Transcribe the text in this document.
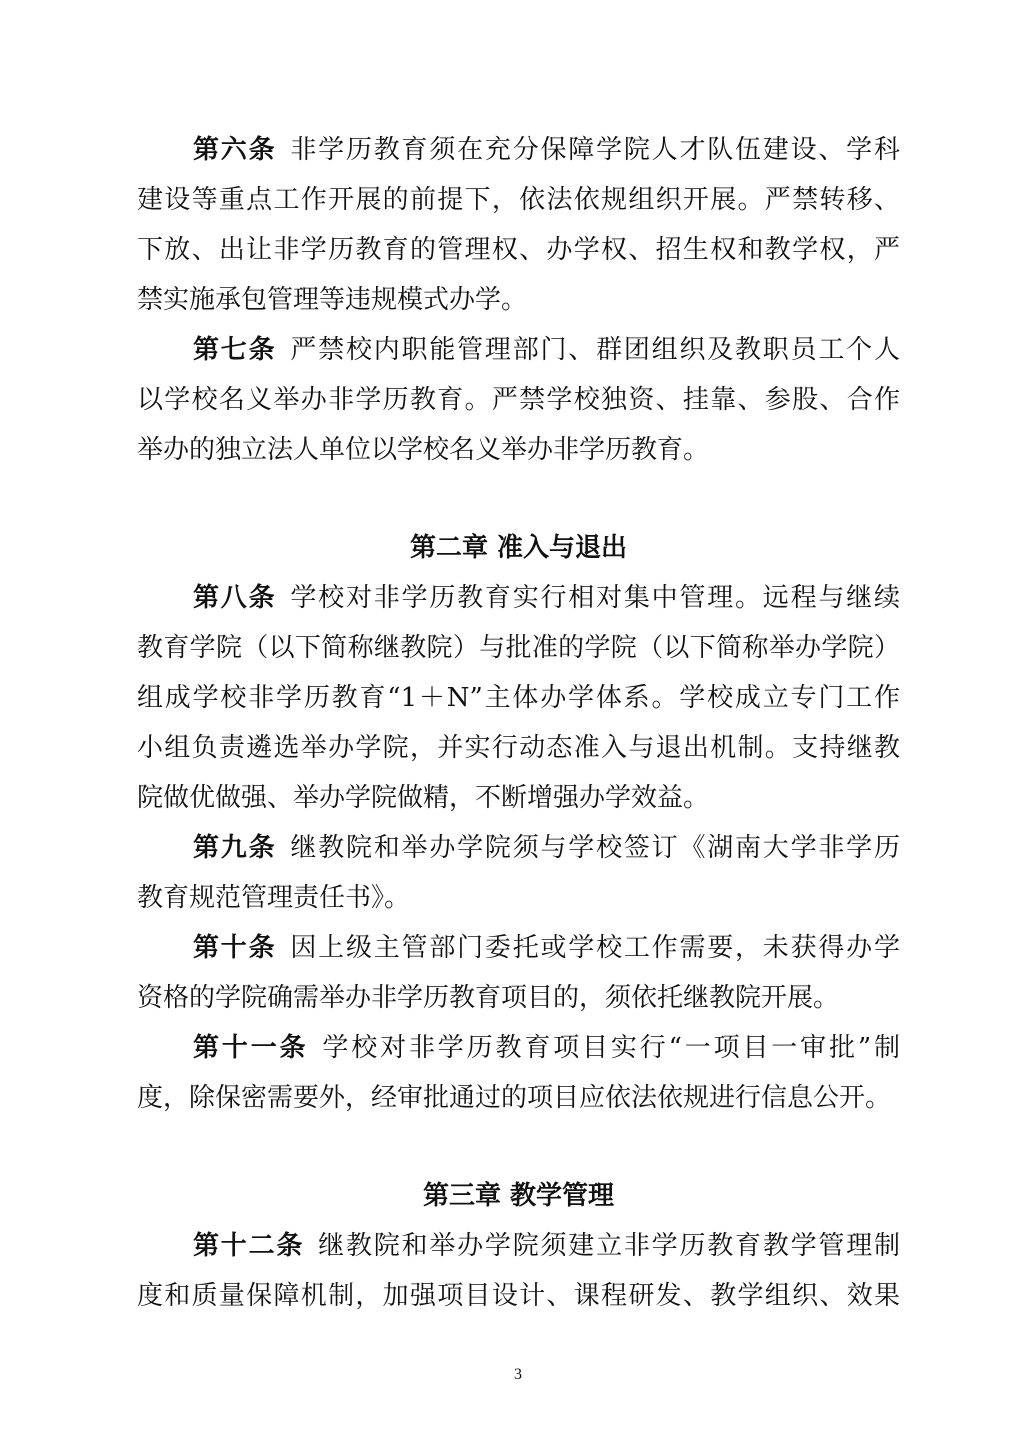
第六条 非学历教育须在充分保障学院人才队伍建设、学科
建设等重点工作开展的前提下，依法依规组织开展。严禁转移、
下放、出让非学历教育的管理权、办学权、招生权和教学权，严
禁实施承包管理等违规模式办学。
第七条 严禁校内职能管理部门、群团组织及教职员工个人
以学校名义举办非学历教育。严禁学校独资、挂靠、参股、合作
举办的独立法人单位以学校名义举办非学历教育。
第二章 准入与退出
第八条 学校对非学历教育实行相对集中管理。远程与继续
教育学院（以下简称继教院）与批准的学院（以下简称举办学院）
组成学校非学历教育“1＋N”主体办学体系。学校成立专门工作
小组负责遴选举办学院，并实行动态准入与退出机制。支持继教
院做优做强、举办学院做精，不断增强办学效益。
第九条 继教院和举办学院须与学校签订《湖南大学非学历
教育规范管理责任书》。
第十条 因上级主管部门委托或学校工作需要，未获得办学
资格的学院确需举办非学历教育项目的，须依托继教院开展。
第十一条 学校对非学历教育项目实行“一项目一审批”制
度，除保密需要外，经审批通过的项目应依法依规进行信息公开。
第三章 教学管理
第十二条 继教院和举办学院须建立非学历教育教学管理制
度和质量保障机制，加强项目设计、课程研发、教学组织、效果
3
